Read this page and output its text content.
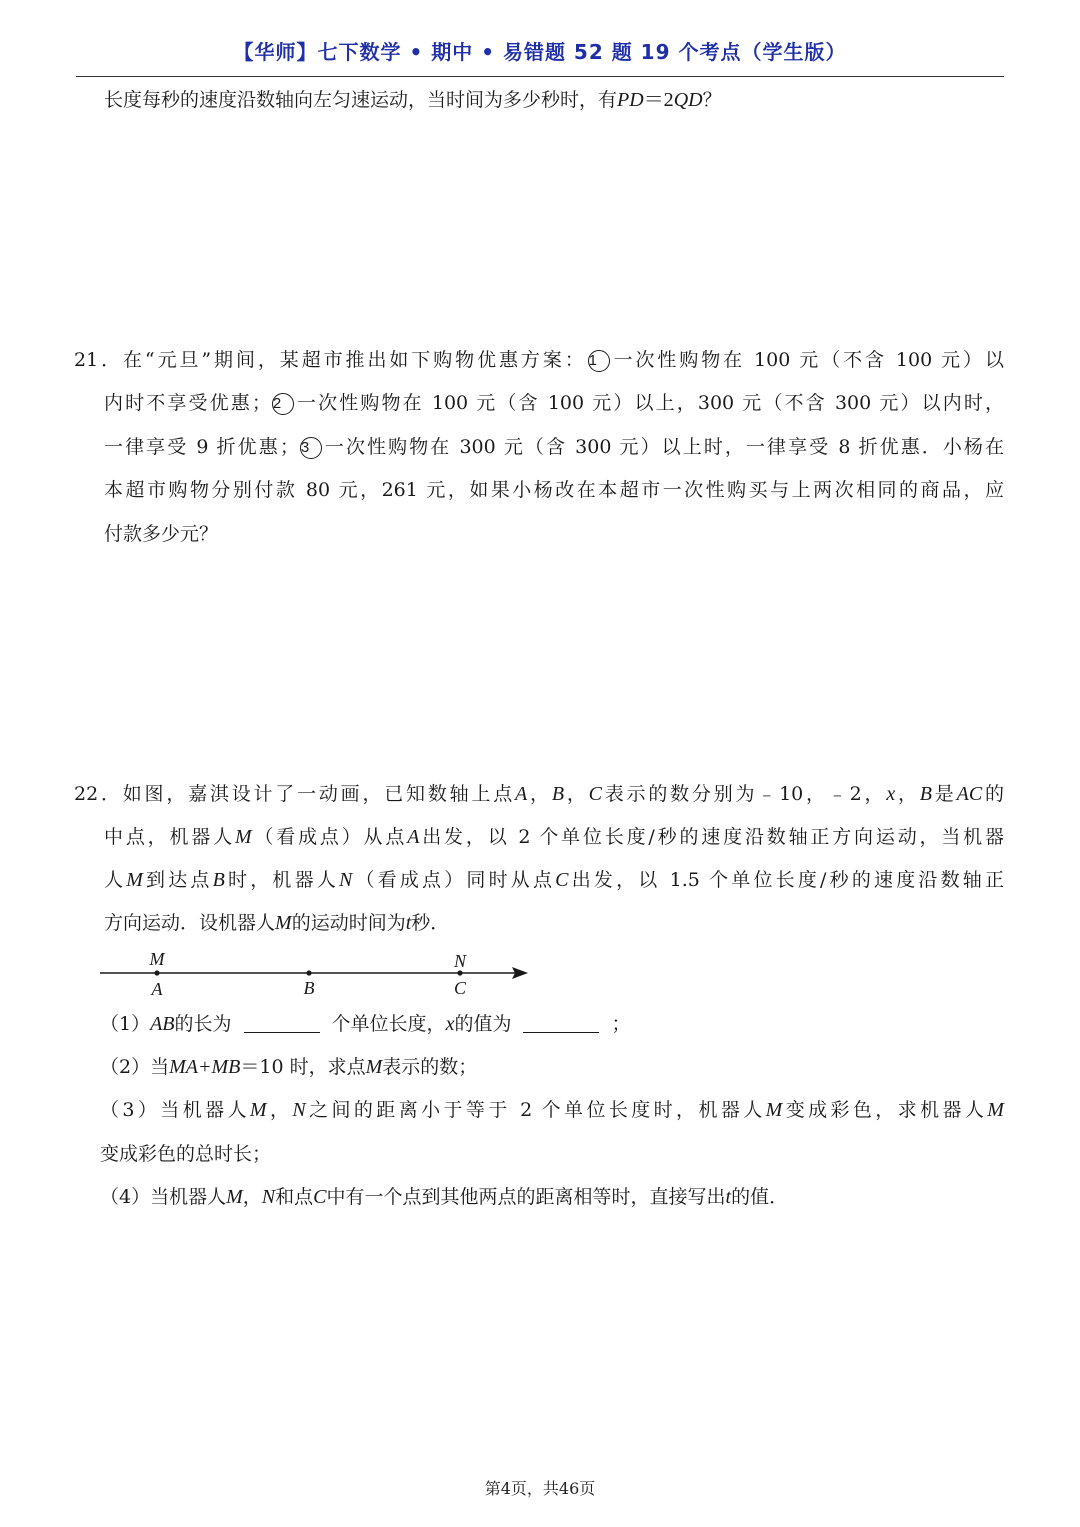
【华师】七下数学 • 期中 • 易错题 52 题 19 个考点（学生版）
长度每秒的速度沿数轴向左匀速运动，当时间为多少秒时，有PD＝2QD？
21．在“元旦”期间，某超市推出如下购物优惠方案： 1 一次性购物在 100 元（不含 100 元）以
内时不享受优惠； 2 一次性购物在 100 元（含 100 元）以上，300 元（不含 300 元）以内时，
一律享受 9 折优惠； 3 一次性购物在 300 元（含 300 元）以上时，一律享受 8 折优惠．小杨在
本超市购物分别付款 80 元，261 元，如果小杨改在本超市一次性购买与上两次相同的商品，应
付款多少元？
22．如图，嘉淇设计了一动画，已知数轴上点A，B，C表示的数分别为﹣10，﹣2，x，B是AC的
中点，机器人M（看成点）从点A出发，以 2 个单位长度/秒的速度沿数轴正方向运动，当机器
人M到达点B时，机器人N（看成点）同时从点C出发，以 1.5 个单位长度/秒的速度沿数轴正
方向运动．设机器人M的运动时间为t秒．
M	N
A	B	C
（1）AB的长为	个单位长度，x的值为	；
（2）当MA+MB＝10 时，求点M表示的数；
（3）当机器人M，N之间的距离小于等于 2 个单位长度时，机器人M变成彩色，求机器人M
变成彩色的总时长；
（4）当机器人M，N和点C中有一个点到其他两点的距离相等时，直接写出t的值．
第4页，共46页
